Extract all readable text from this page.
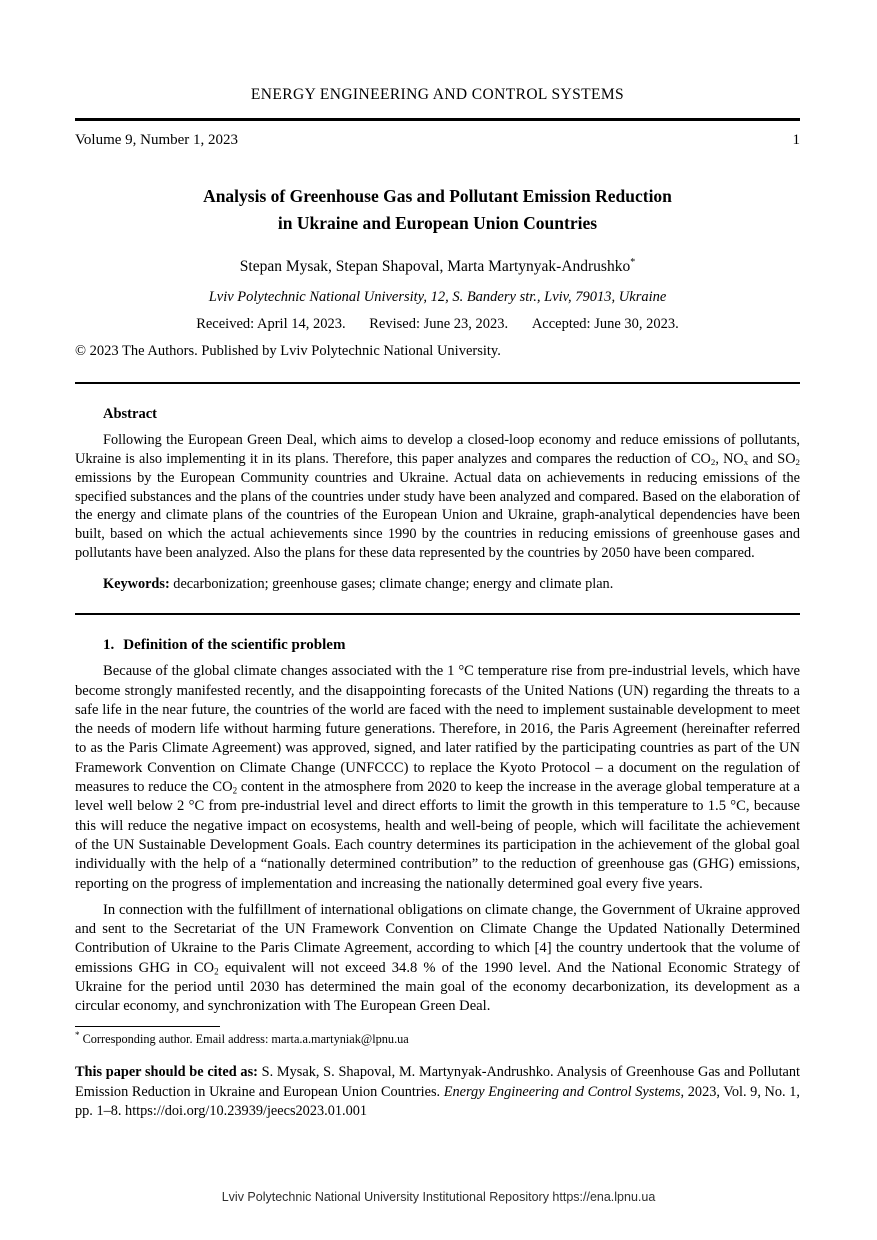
ENERGY ENGINEERING AND CONTROL SYSTEMS
Volume 9, Number 1, 2023	1
Analysis of Greenhouse Gas and Pollutant Emission Reduction
in Ukraine and European Union Countries
Stepan Mysak, Stepan Shapoval, Marta Martynyak-Andrushko*
Lviv Polytechnic National University, 12, S. Bandery str., Lviv, 79013, Ukraine
Received: April 14, 2023. Revised: June 23, 2023. Accepted: June 30, 2023.
© 2023 The Authors. Published by Lviv Polytechnic National University.
Abstract

Following the European Green Deal, which aims to develop a closed-loop economy and reduce emissions of pollutants, Ukraine is also implementing it in its plans. Therefore, this paper analyzes and compares the reduction of $CO_2$, $NO_x$ and $SO_2$ emissions by the European Community countries and Ukraine. Actual data on achievements in reducing emissions of the specified substances and the plans of the countries under study have been analyzed and compared. Based on the elaboration of the energy and climate plans of the countries of the European Union and Ukraine, graph-analytical dependencies have been built, based on which the actual achievements since 1990 by the countries in reducing emissions of greenhouse gases and pollutants have been analyzed. Also the plans for these data represented by the countries by 2050 have been compared.

Keywords: decarbonization; greenhouse gases; climate change; energy and climate plan.

1. Definition of the scientific problem

Because of the global climate changes associated with the 1 °C temperature rise from pre-industrial levels, which have become strongly manifested recently, and the disappointing forecasts of the United Nations (UN) regarding the threats to a safe life in the near future, the countries of the world are faced with the need to implement sustainable development to meet the needs of modern life without harming future generations. Therefore, in 2016, the Paris Agreement (hereinafter referred to as the Paris Climate Agreement) was approved, signed, and later ratified by the participating countries as part of the UN Framework Convention on Climate Change (UNFCCC) to replace the Kyoto Protocol – a document on the regulation of measures to reduce the $CO_2$ content in the atmosphere from 2020 to keep the increase in the average global temperature at a level well below 2 °C from pre-industrial level and direct efforts to limit the growth in this temperature to 1.5 °C, because this will reduce the negative impact on ecosystems, health and well-being of people, which will facilitate the achievement of the UN Sustainable Development Goals. Each country determines its participation in the achievement of the global goal individually with the help of a “nationally determined contribution” to the reduction of greenhouse gas (GHG) emissions, reporting on the progress of implementation and increasing the nationally determined goal every five years.

In connection with the fulfillment of international obligations on climate change, the Government of Ukraine approved and sent to the Secretariat of the UN Framework Convention on Climate Change the Updated Nationally Determined Contribution of Ukraine to the Paris Climate Agreement, according to which [4] the country undertook that the volume of emissions GHG in $CO_2$ equivalent will not exceed 34.8 % of the 1990 level. And the National Economic Strategy of Ukraine for the period until 2030 has determined the main goal of the economy decarbonization, its development as a circular economy, and synchronization with The European Green Deal.

* Corresponding author. Email address: marta.a.martyniak@lpnu.ua

This paper should be cited as: S. Mysak, S. Shapoval, M. Martynyak-Andrushko. Analysis of Greenhouse Gas and Pollutant Emission Reduction in Ukraine and European Union Countries. Energy Engineering and Control Systems, 2023, Vol. 9, No. 1, pp. 1–8. https://doi.org/10.23939/jeecs2023.01.001

Lviv Polytechnic National University Institutional Repository https://ena.lpnu.ua
